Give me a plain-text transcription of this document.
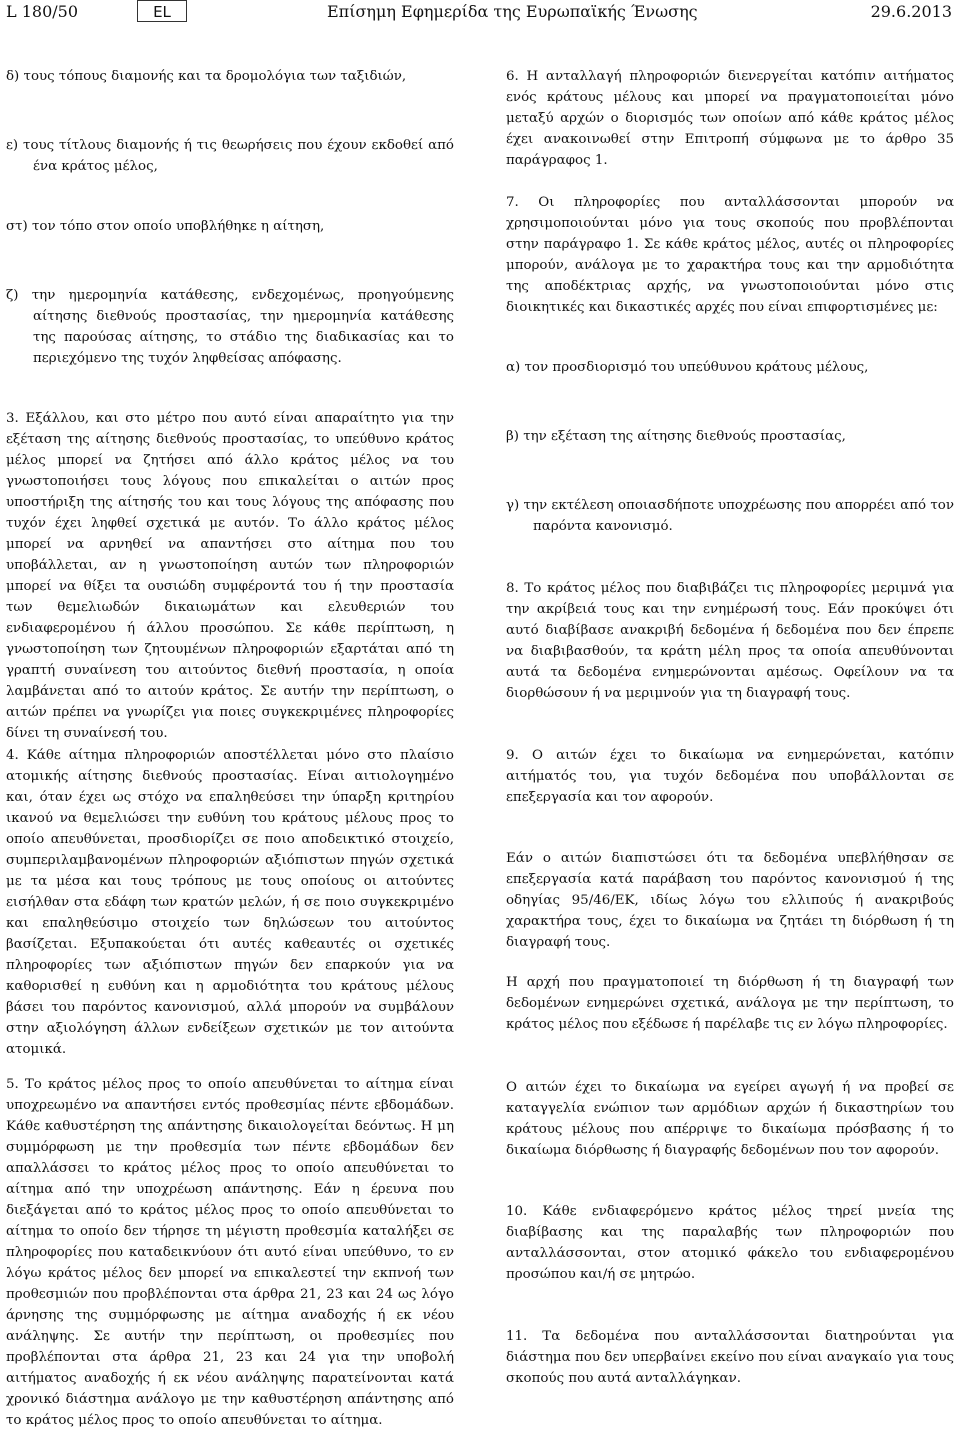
L 180/50	EL	Επίσημη Εφημερίδα της Ευρωπαϊκής Ένωσης	29.6.2013

δ) τους τόπους διαμονής και τα δρομολόγια των ταξιδιών,

ε) τους τίτλους διαμονής ή τις θεωρήσεις που έχουν εκδοθεί από ένα κράτος μέλος,

στ) τον τόπο στον οποίο υποβλήθηκε η αίτηση,

ζ) την ημερομηνία κατάθεσης, ενδεχομένως, προηγούμενης αίτησης διεθνούς προστασίας, την ημερομηνία κατάθεσης της παρούσας αίτησης, το στάδιο της διαδικασίας και το περιεχόμενο της τυχόν ληφθείσας απόφασης.

3. Εξάλλου, και στο μέτρο που αυτό είναι απαραίτητο για την εξέταση της αίτησης διεθνούς προστασίας, το υπεύθυνο κράτος μέλος μπορεί να ζητήσει από άλλο κράτος μέλος να του γνωστοποιήσει τους λόγους που επικαλείται ο αιτών προς υποστήριξη της αίτησής του και τους λόγους της απόφασης που τυχόν έχει ληφθεί σχετικά με αυτόν. Το άλλο κράτος μέλος μπορεί να αρνηθεί να απαντήσει στο αίτημα που του υποβάλλεται, αν η γνωστοποίηση αυτών των πληροφοριών μπορεί να θίξει τα ουσιώδη συμφέροντά του ή την προστασία των θεμελιωδών δικαιωμάτων και ελευθεριών του ενδιαφερομένου ή άλλου προσώπου. Σε κάθε περίπτωση, η γνωστοποίηση των ζητουμένων πληροφοριών εξαρτάται από τη γραπτή συναίνεση του αιτούντος διεθνή προστασία, η οποία λαμβάνεται από το αιτούν κράτος. Σε αυτήν την περίπτωση, ο αιτών πρέπει να γνωρίζει για ποιες συγκεκριμένες πληροφορίες δίνει τη συναίνεσή του.

4. Κάθε αίτημα πληροφοριών αποστέλλεται μόνο στο πλαίσιο ατομικής αίτησης διεθνούς προστασίας. Είναι αιτιολογημένο και, όταν έχει ως στόχο να επαληθεύσει την ύπαρξη κριτηρίου ικανού να θεμελιώσει την ευθύνη του κράτους μέλους προς το οποίο απευθύνεται, προσδιορίζει σε ποιο αποδεικτικό στοιχείο, συμπεριλαμβανομένων πληροφοριών αξιόπιστων πηγών σχετικά με τα μέσα και τους τρόπους με τους οποίους οι αιτούντες εισήλθαν στα εδάφη των κρατών μελών, ή σε ποιο συγκεκριμένο και επαληθεύσιμο στοιχείο των δηλώσεων του αιτούντος βασίζεται. Εξυπακούεται ότι αυτές καθεαυτές οι σχετικές πληροφορίες των αξιόπιστων πηγών δεν επαρκούν για να καθορισθεί η ευθύνη και η αρμοδιότητα του κράτους μέλους βάσει του παρόντος κανονισμού, αλλά μπορούν να συμβάλουν στην αξιολόγηση άλλων ενδείξεων σχετικών με τον αιτούντα ατομικά.

5. Το κράτος μέλος προς το οποίο απευθύνεται το αίτημα είναι υποχρεωμένο να απαντήσει εντός προθεσμίας πέντε εβδομάδων. Κάθε καθυστέρηση της απάντησης δικαιολογείται δεόντως. Η μη συμμόρφωση με την προθεσμία των πέντε εβδομάδων δεν απαλλάσσει το κράτος μέλος προς το οποίο απευθύνεται το αίτημα από την υποχρέωση απάντησης. Εάν η έρευνα που διεξάγεται από το κράτος μέλος προς το οποίο απευθύνεται το αίτημα το οποίο δεν τήρησε τη μέγιστη προθεσμία καταλήξει σε πληροφορίες που καταδεικνύουν ότι αυτό είναι υπεύθυνο, το εν λόγω κράτος μέλος δεν μπορεί να επικαλεστεί την εκπνοή των προθεσμιών που προβλέπονται στα άρθρα 21, 23 και 24 ως λόγο άρνησης της συμμόρφωσης με αίτημα αναδοχής ή εκ νέου ανάληψης. Σε αυτήν την περίπτωση, οι προθεσμίες που προβλέπονται στα άρθρα 21, 23 και 24 για την υποβολή αιτήματος αναδοχής ή εκ νέου ανάληψης παρατείνονται κατά χρονικό διάστημα ανάλογο με την καθυστέρηση απάντησης από το κράτος μέλος προς το οποίο απευθύνεται το αίτημα.

6. Η ανταλλαγή πληροφοριών διενεργείται κατόπιν αιτήματος ενός κράτους μέλους και μπορεί να πραγματοποιείται μόνο μεταξύ αρχών ο διορισμός των οποίων από κάθε κράτος μέλος έχει ανακοινωθεί στην Επιτροπή σύμφωνα με το άρθρο 35 παράγραφος 1.

7. Οι πληροφορίες που ανταλλάσσονται μπορούν να χρησιμοποιούνται μόνο για τους σκοπούς που προβλέπονται στην παράγραφο 1. Σε κάθε κράτος μέλος, αυτές οι πληροφορίες μπορούν, ανάλογα με το χαρακτήρα τους και την αρμοδιότητα της αποδέκτριας αρχής, να γνωστοποιούνται μόνο στις διοικητικές και δικαστικές αρχές που είναι επιφορτισμένες με:

α) τον προσδιορισμό του υπεύθυνου κράτους μέλους,

β) την εξέταση της αίτησης διεθνούς προστασίας,

γ) την εκτέλεση οποιασδήποτε υποχρέωσης που απορρέει από τον παρόντα κανονισμό.

8. Το κράτος μέλος που διαβιβάζει τις πληροφορίες μεριμνά για την ακρίβειά τους και την ενημέρωσή τους. Εάν προκύψει ότι αυτό διαβίβασε ανακριβή δεδομένα ή δεδομένα που δεν έπρεπε να διαβιβασθούν, τα κράτη μέλη προς τα οποία απευθύνονται αυτά τα δεδομένα ενημερώνονται αμέσως. Οφείλουν να τα διορθώσουν ή να μεριμνούν για τη διαγραφή τους.

9. Ο αιτών έχει το δικαίωμα να ενημερώνεται, κατόπιν αιτήματός του, για τυχόν δεδομένα που υποβάλλονται σε επεξεργασία και τον αφορούν.

Εάν ο αιτών διαπιστώσει ότι τα δεδομένα υπεβλήθησαν σε επεξεργασία κατά παράβαση του παρόντος κανονισμού ή της οδηγίας 95/46/ΕΚ, ιδίως λόγω του ελλιπούς ή ανακριβούς χαρακτήρα τους, έχει το δικαίωμα να ζητάει τη διόρθωση ή τη διαγραφή τους.

Η αρχή που πραγματοποιεί τη διόρθωση ή τη διαγραφή των δεδομένων ενημερώνει σχετικά, ανάλογα με την περίπτωση, το κράτος μέλος που εξέδωσε ή παρέλαβε τις εν λόγω πληροφορίες.

Ο αιτών έχει το δικαίωμα να εγείρει αγωγή ή να προβεί σε καταγγελία ενώπιον των αρμόδιων αρχών ή δικαστηρίων του κράτους μέλους που απέρριψε το δικαίωμα πρόσβασης ή το δικαίωμα διόρθωσης ή διαγραφής δεδομένων που τον αφορούν.

10. Κάθε ενδιαφερόμενο κράτος μέλος τηρεί μνεία της διαβίβασης και της παραλαβής των πληροφοριών που ανταλλάσσονται, στον ατομικό φάκελο του ενδιαφερομένου προσώπου και/ή σε μητρώο.

11. Τα δεδομένα που ανταλλάσσονται διατηρούνται για διάστημα που δεν υπερβαίνει εκείνο που είναι αναγκαίο για τους σκοπούς που αυτά ανταλλάγηκαν.
